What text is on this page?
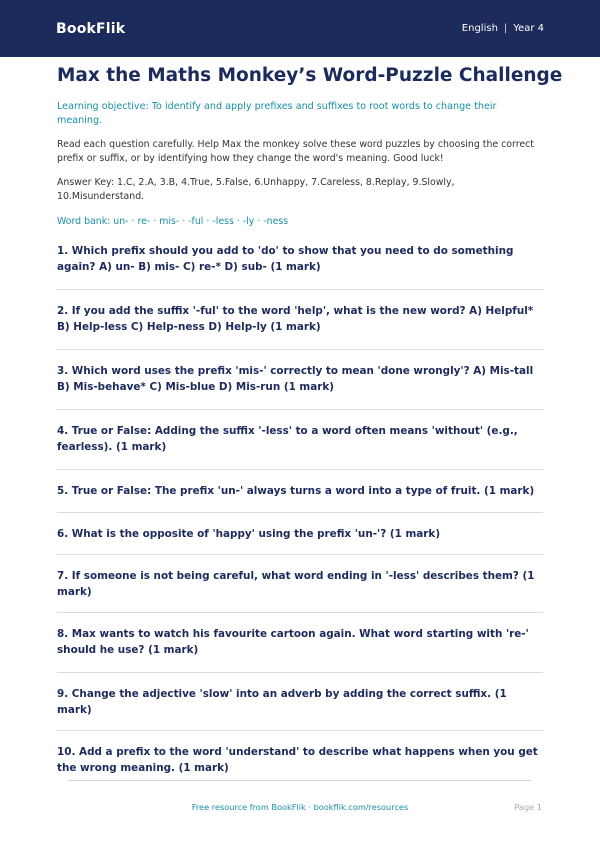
BookFlik	English | Year 4
Max the Maths Monkey’s Word-Puzzle Challenge

Learning objective: To identify and apply prefixes and suffixes to root words to change their meaning.

Read each question carefully. Help Max the monkey solve these word puzzles by choosing the correct prefix or suffix, or by identifying how they change the word's meaning. Good luck!

Answer Key: 1.C, 2.A, 3.B, 4.True, 5.False, 6.Unhappy, 7.Careless, 8.Replay, 9.Slowly, 10.Misunderstand.

Word bank: un- · re- · mis- · -ful · -less · -ly · -ness

1. Which prefix should you add to 'do' to show that you need to do something again? A) un- B) mis- C) re-* D) sub- (1 mark)
2. If you add the suffix '-ful' to the word 'help', what is the new word? A) Helpful* B) Help-less C) Help-ness D) Help-ly (1 mark)
3. Which word uses the prefix 'mis-' correctly to mean 'done wrongly'? A) Mis-tall B) Mis-behave* C) Mis-blue D) Mis-run (1 mark)
4. True or False: Adding the suffix '-less' to a word often means 'without' (e.g., fearless). (1 mark)
5. True or False: The prefix 'un-' always turns a word into a type of fruit. (1 mark)
6. What is the opposite of 'happy' using the prefix 'un-'? (1 mark)
7. If someone is not being careful, what word ending in '-less' describes them? (1 mark)
8. Max wants to watch his favourite cartoon again. What word starting with 're-' should he use? (1 mark)
9. Change the adjective 'slow' into an adverb by adding the correct suffix. (1 mark)
10. Add a prefix to the word 'understand' to describe what happens when you get the wrong meaning. (1 mark)
Free resource from BookFlik · bookflik.com/resources	Page 1
